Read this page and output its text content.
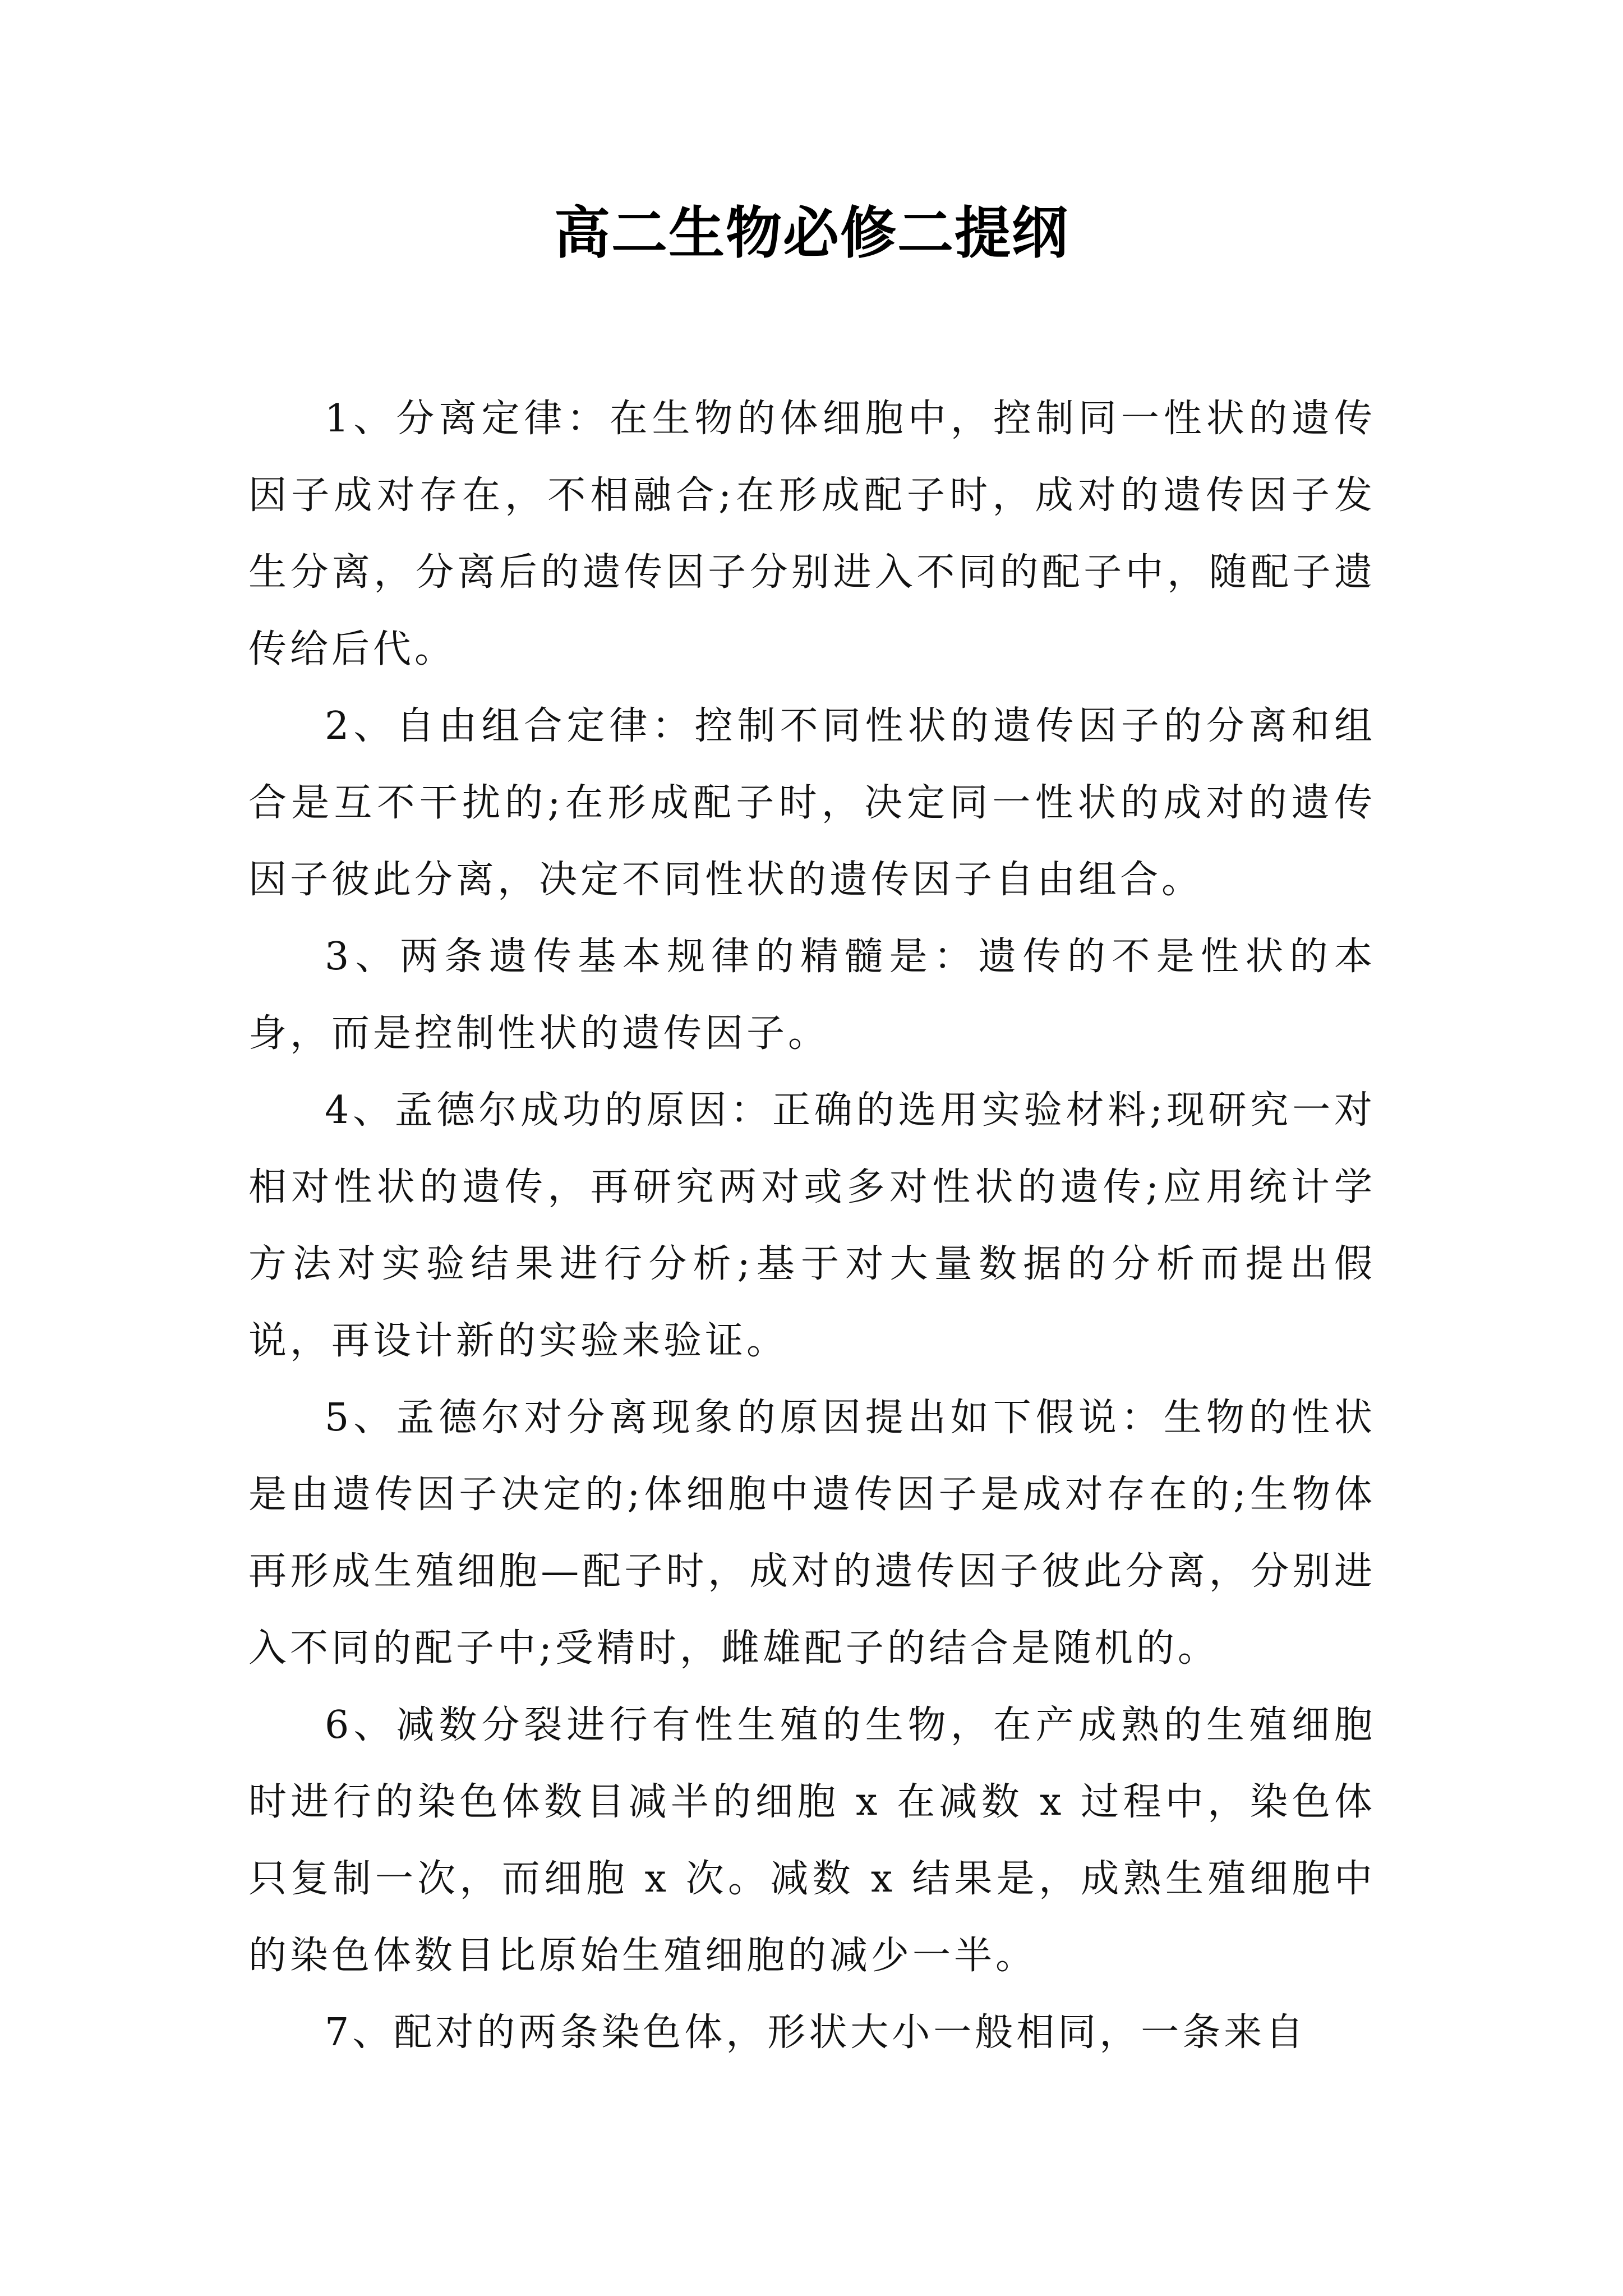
高二生物必修二提纲

1、分离定律：在生物的体细胞中，控制同一性状的遗传因子成对存在，不相融合;在形成配子时，成对的遗传因子发生分离，分离后的遗传因子分别进入不同的配子中，随配子遗传给后代。

2、自由组合定律：控制不同性状的遗传因子的分离和组合是互不干扰的;在形成配子时，决定同一性状的成对的遗传因子彼此分离，决定不同性状的遗传因子自由组合。

3、两条遗传基本规律的精髓是：遗传的不是性状的本身，而是控制性状的遗传因子。

4、孟德尔成功的原因：正确的选用实验材料;现研究一对相对性状的遗传，再研究两对或多对性状的遗传;应用统计学方法对实验结果进行分析;基于对大量数据的分析而提出假说，再设计新的实验来验证。

5、孟德尔对分离现象的原因提出如下假说：生物的性状是由遗传因子决定的;体细胞中遗传因子是成对存在的;生物体再形成生殖细胞—配子时，成对的遗传因子彼此分离，分别进入不同的配子中;受精时，雌雄配子的结合是随机的。

6、减数分裂进行有性生殖的生物，在产成熟的生殖细胞时进行的染色体数目减半的细胞 x 在减数 x 过程中，染色体只复制一次，而细胞 x 次。减数 x 结果是，成熟生殖细胞中的染色体数目比原始生殖细胞的减少一半。

7、配对的两条染色体，形状大小一般相同，一条来自
